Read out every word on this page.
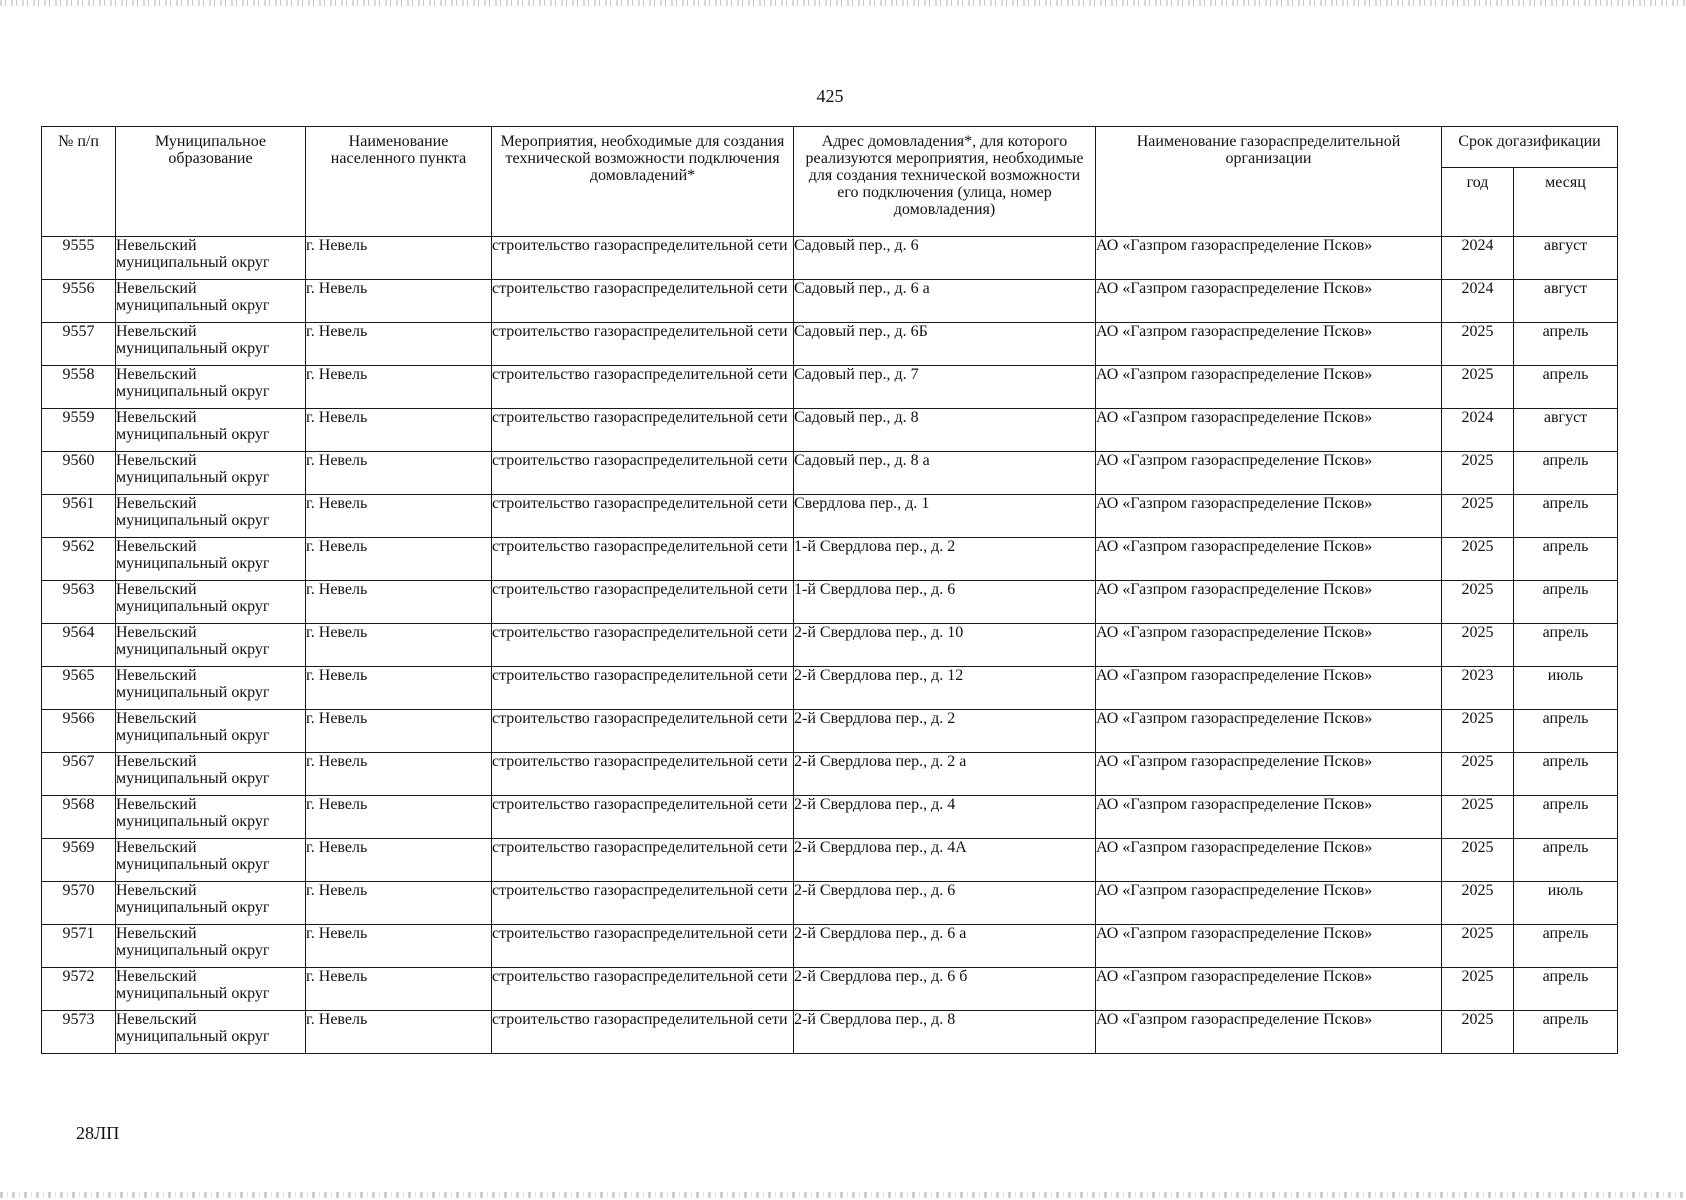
425
№ п/п	Муниципальное образование	Наименование населенного пункта	Мероприятия, необходимые для создания технической возможности подключения домовладений*	Адрес домовладения*, для которого реализуются мероприятия, необходимые для создания технической возможности его подключения (улица, номер домовладения)	Наименование газораспределительной организации	Срок догазификации	
						год	месяц
9555	Невельский муниципальный округ	г. Невель	строительство газораспределительной сети	Садовый пер., д. 6	АО «Газпром газораспределение Псков»	2024	август
9556	Невельский муниципальный округ	г. Невель	строительство газораспределительной сети	Садовый пер., д. 6 а	АО «Газпром газораспределение Псков»	2024	август
9557	Невельский муниципальный округ	г. Невель	строительство газораспределительной сети	Садовый пер., д. 6Б	АО «Газпром газораспределение Псков»	2025	апрель
9558	Невельский муниципальный округ	г. Невель	строительство газораспределительной сети	Садовый пер., д. 7	АО «Газпром газораспределение Псков»	2025	апрель
9559	Невельский муниципальный округ	г. Невель	строительство газораспределительной сети	Садовый пер., д. 8	АО «Газпром газораспределение Псков»	2024	август
9560	Невельский муниципальный округ	г. Невель	строительство газораспределительной сети	Садовый пер., д. 8 а	АО «Газпром газораспределение Псков»	2025	апрель
9561	Невельский муниципальный округ	г. Невель	строительство газораспределительной сети	Свердлова пер., д. 1	АО «Газпром газораспределение Псков»	2025	апрель
9562	Невельский муниципальный округ	г. Невель	строительство газораспределительной сети	1-й Свердлова пер., д. 2	АО «Газпром газораспределение Псков»	2025	апрель
9563	Невельский муниципальный округ	г. Невель	строительство газораспределительной сети	1-й Свердлова пер., д. 6	АО «Газпром газораспределение Псков»	2025	апрель
9564	Невельский муниципальный округ	г. Невель	строительство газораспределительной сети	2-й Свердлова пер., д. 10	АО «Газпром газораспределение Псков»	2025	апрель
9565	Невельский муниципальный округ	г. Невель	строительство газораспределительной сети	2-й Свердлова пер., д. 12	АО «Газпром газораспределение Псков»	2023	июль
9566	Невельский муниципальный округ	г. Невель	строительство газораспределительной сети	2-й Свердлова пер., д. 2	АО «Газпром газораспределение Псков»	2025	апрель
9567	Невельский муниципальный округ	г. Невель	строительство газораспределительной сети	2-й Свердлова пер., д. 2 а	АО «Газпром газораспределение Псков»	2025	апрель
9568	Невельский муниципальный округ	г. Невель	строительство газораспределительной сети	2-й Свердлова пер., д. 4	АО «Газпром газораспределение Псков»	2025	апрель
9569	Невельский муниципальный округ	г. Невель	строительство газораспределительной сети	2-й Свердлова пер., д. 4А	АО «Газпром газораспределение Псков»	2025	апрель
9570	Невельский муниципальный округ	г. Невель	строительство газораспределительной сети	2-й Свердлова пер., д. 6	АО «Газпром газораспределение Псков»	2025	июль
9571	Невельский муниципальный округ	г. Невель	строительство газораспределительной сети	2-й Свердлова пер., д. 6 а	АО «Газпром газораспределение Псков»	2025	апрель
9572	Невельский муниципальный округ	г. Невель	строительство газораспределительной сети	2-й Свердлова пер., д. 6 б	АО «Газпром газораспределение Псков»	2025	апрель
9573	Невельский муниципальный округ	г. Невель	строительство газораспределительной сети	2-й Свердлова пер., д. 8	АО «Газпром газораспределение Псков»	2025	апрель
28ЛП
